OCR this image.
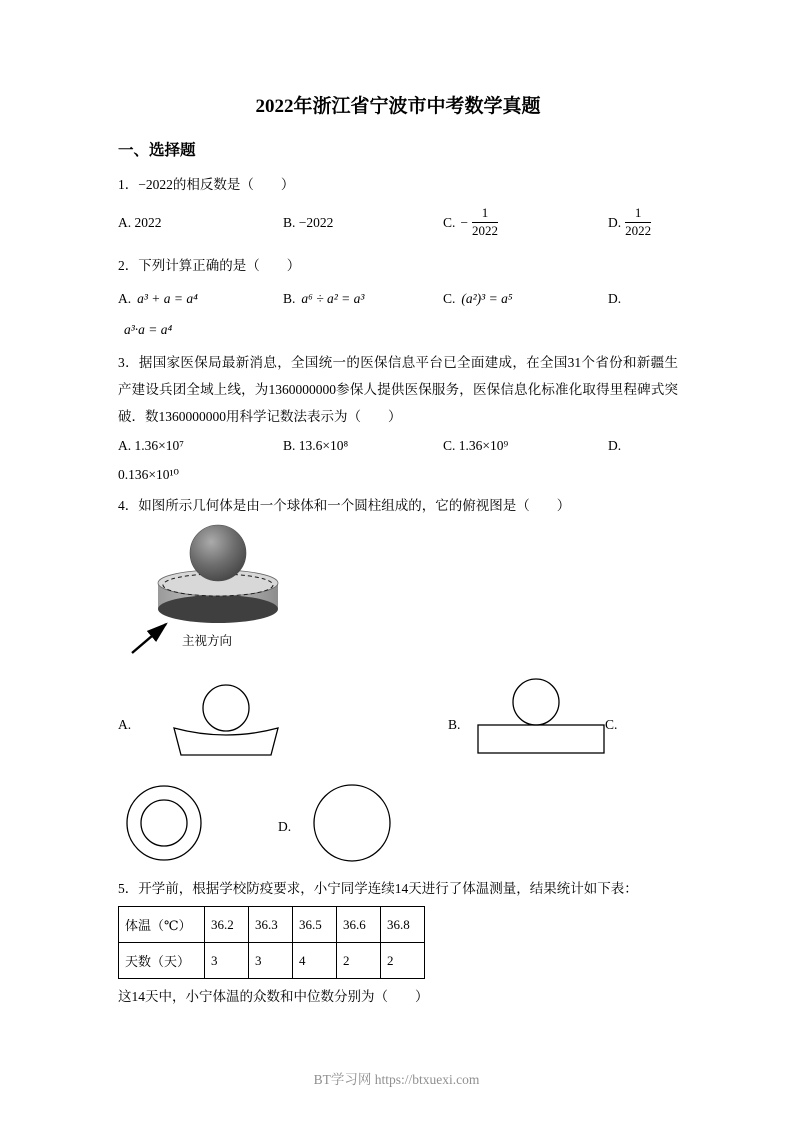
2022年浙江省宁波市中考数学真题
一、选择题
1．−2022的相反数是（　　）
A. 2022	B. −2022	C. − $\frac{1}{2022}$	D. $\frac{1}{2022}$
2．下列计算正确的是（　　）
A. a³ + a = a⁴	B. a⁶ ÷ a² = a³	C. (a²)³ = a⁵	D.
a³·a = a⁴
3．据国家医保局最新消息，全国统一的医保信息平台已全面建成，在全国31个省份和新疆生产建设兵团全域上线，为1360000000参保人提供医保服务，医保信息化标准化取得里程碑式突破．数1360000000用科学记数法表示为（　　）
A. 1.36×10⁷	B. 13.6×10⁸	C. 1.36×10⁹	D.
0.136×10¹⁰
4．如图所示几何体是由一个球体和一个圆柱组成的，它的俯视图是（　　）
主视方向
A.	B.	C.
D.
5．开学前，根据学校防疫要求，小宁同学连续14天进行了体温测量，结果统计如下表：
体温（℃）	36.2	36.3	36.5	36.6	36.8
天数（天）	3	3	4	2	2
这14天中，小宁体温的众数和中位数分别为（　　）
BT学习网 https://btxuexi.com
